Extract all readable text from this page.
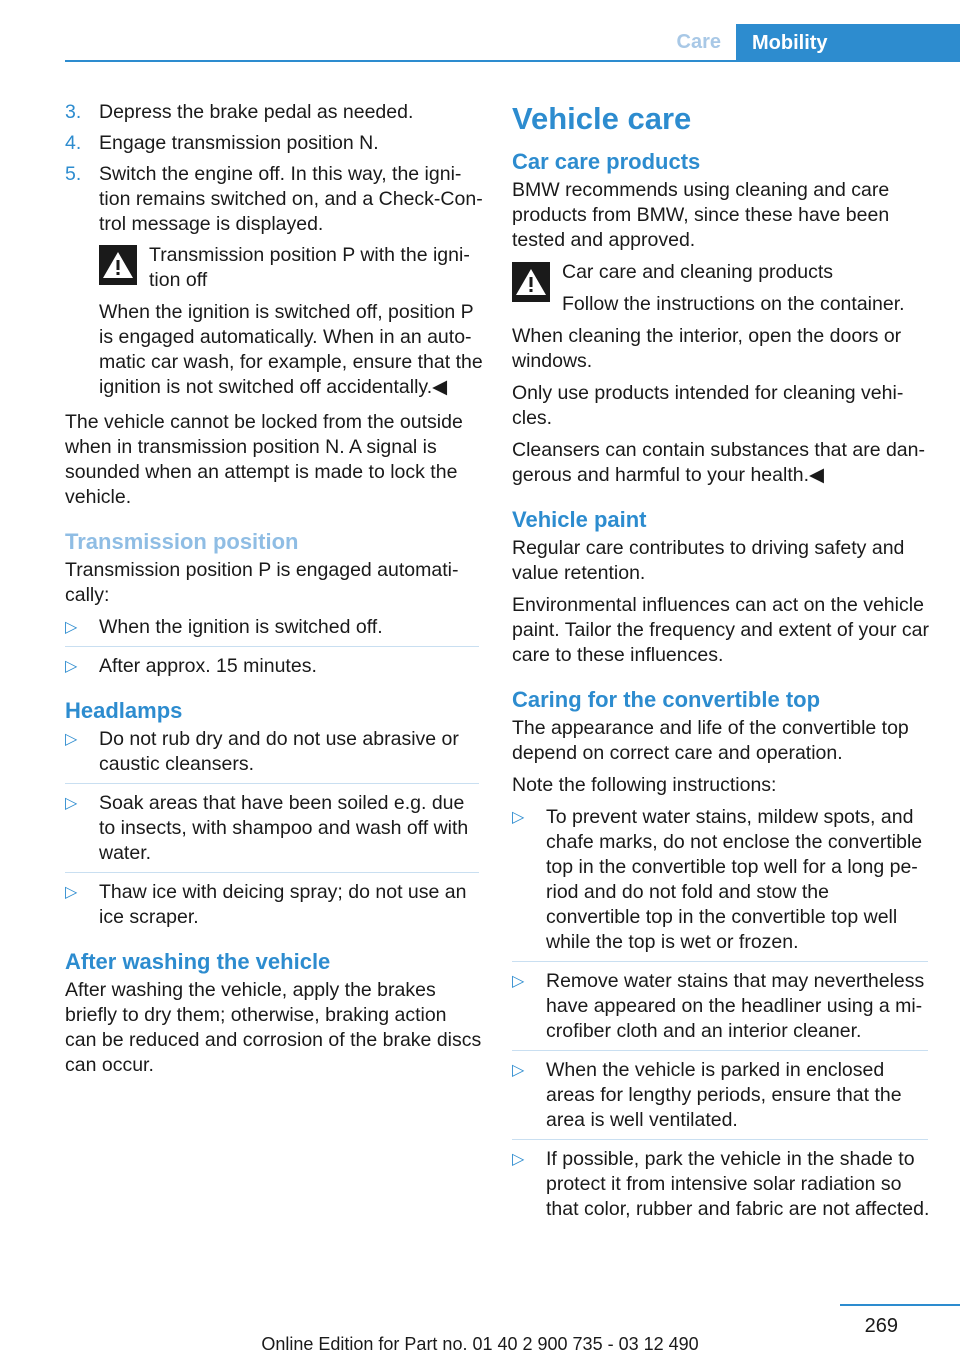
Care	Mobility
3. Depress the brake pedal as needed.
4. Engage transmission position N.
5. Switch the engine off. In this way, the igni‐tion remains switched on, and a Check-Con‐trol message is displayed.
Transmission position P with the igni‐tion off

When the ignition is switched off, position P is engaged automatically. When in an auto‐matic car wash, for example, ensure that the ignition is not switched off accidentally.◀

The vehicle cannot be locked from the outside when in transmission position N. A signal is sounded when an attempt is made to lock the vehicle.

Transmission position

Transmission position P is engaged automati‐cally:

▷ When the ignition is switched off.
▷ After approx. 15 minutes.
Headlamps
▷ Do not rub dry and do not use abrasive or caustic cleansers.
▷ Soak areas that have been soiled e.g. due to insects, with shampoo and wash off with water.
▷ Thaw ice with deicing spray; do not use an ice scraper.
After washing the vehicle

After washing the vehicle, apply the brakes briefly to dry them; otherwise, braking action can be reduced and corrosion of the brake discs can occur.

Vehicle care
Car care products

BMW recommends using cleaning and care products from BMW, since these have been tested and approved.

Car care and cleaning products
Follow the instructions on the container.

When cleaning the interior, open the doors or windows.

Only use products intended for cleaning vehi‐cles.

Cleansers can contain substances that are dan‐gerous and harmful to your health.◀

Vehicle paint

Regular care contributes to driving safety and value retention.

Environmental influences can act on the vehicle paint. Tailor the frequency and extent of your car care to these influences.

Caring for the convertible top

The appearance and life of the convertible top depend on correct care and operation.

Note the following instructions:

▷ To prevent water stains, mildew spots, and chafe marks, do not enclose the convertible top in the convertible top well for a long pe‐riod and do not fold and stow the convertible top in the convertible top well while the top is wet or frozen.
▷ Remove water stains that may nevertheless have appeared on the headliner using a mi‐crofiber cloth and an interior cleaner.
▷ When the vehicle is parked in enclosed areas for lengthy periods, ensure that the area is well ventilated.
▷ If possible, park the vehicle in the shade to protect it from intensive solar radiation so that color, rubber and fabric are not affected.
269
Online Edition for Part no. 01 40 2 900 735 - 03 12 490
